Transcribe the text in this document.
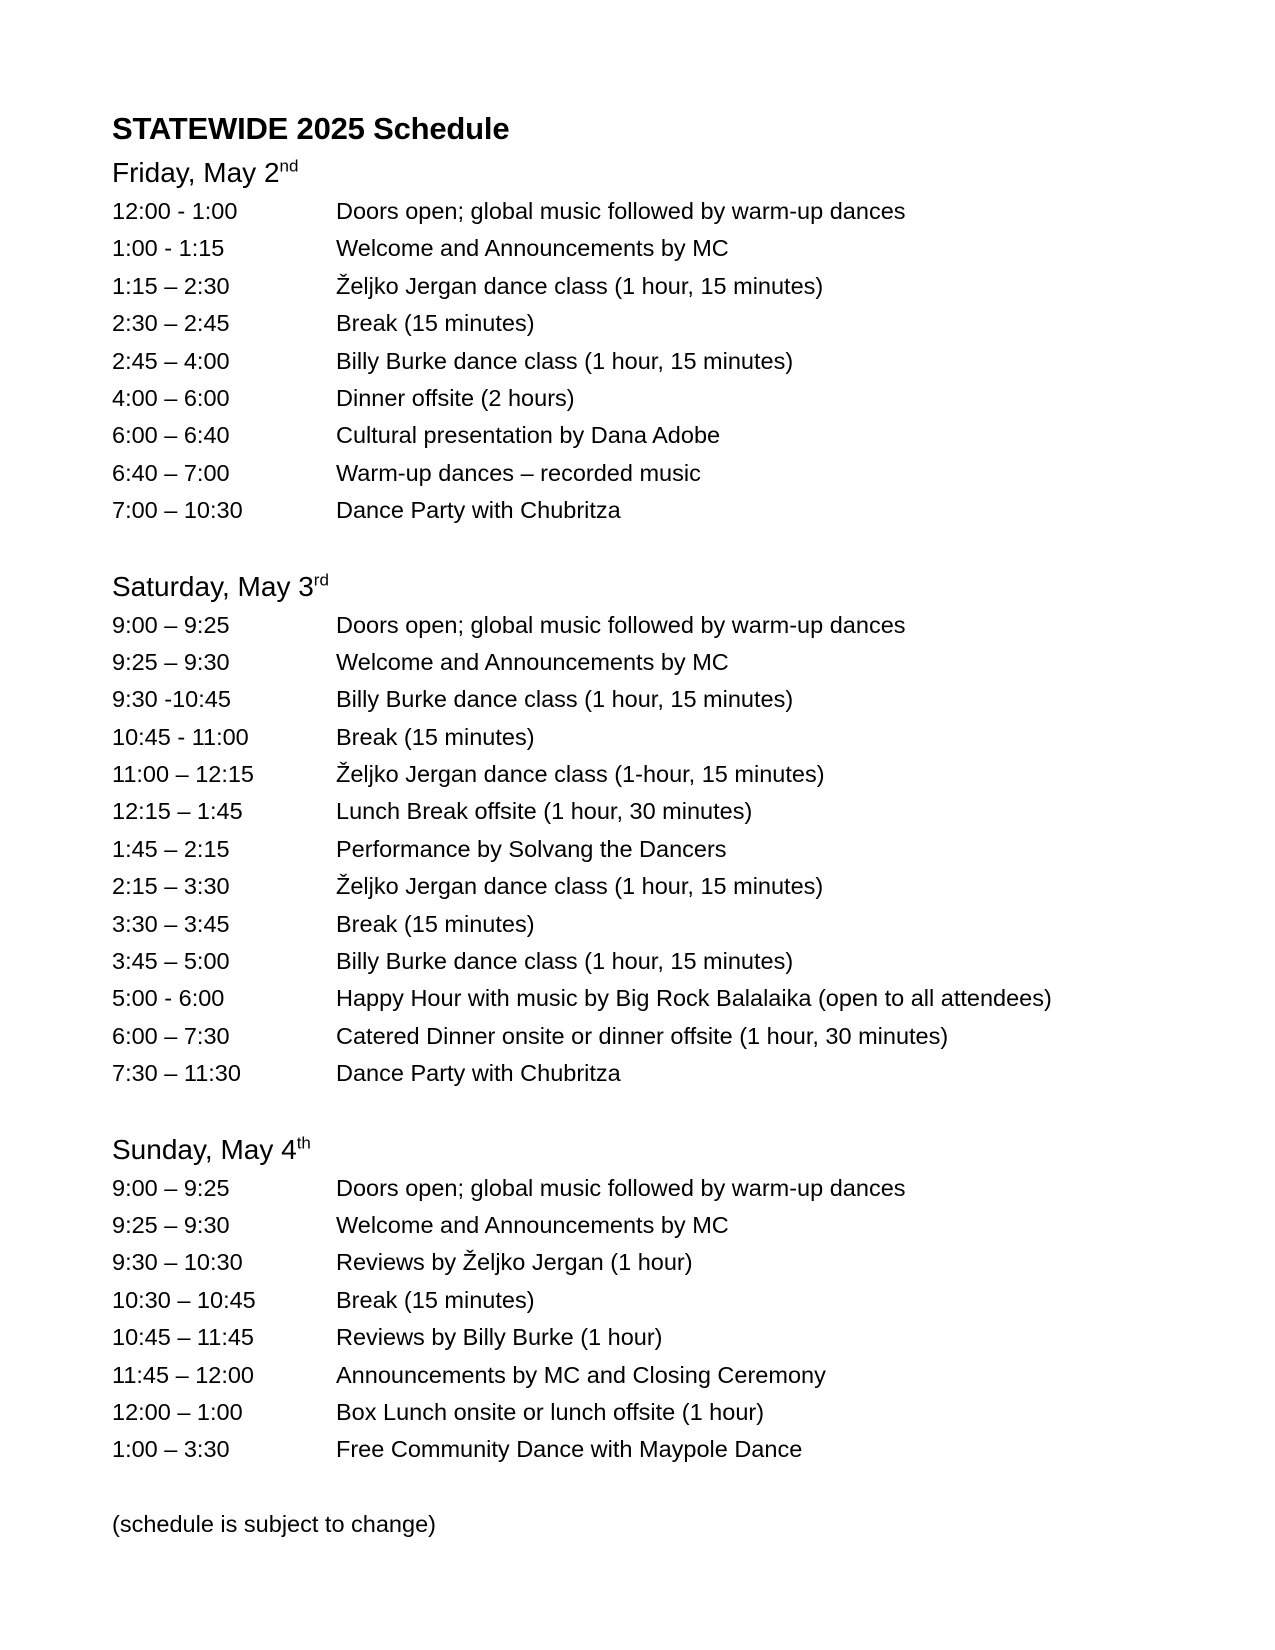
STATEWIDE 2025 Schedule
Friday, May 2nd
12:00 - 1:00	Doors open; global music followed by warm-up dances
1:00 - 1:15	Welcome and Announcements by MC
1:15 – 2:30	Željko Jergan dance class (1 hour, 15 minutes)
2:30 – 2:45	Break (15 minutes)
2:45 – 4:00	Billy Burke dance class (1 hour, 15 minutes)
4:00 – 6:00	Dinner offsite (2 hours)
6:00 – 6:40	Cultural presentation by Dana Adobe
6:40 – 7:00	Warm-up dances – recorded music
7:00 – 10:30	Dance Party with Chubritza
Saturday, May 3rd
9:00 – 9:25	Doors open; global music followed by warm-up dances
9:25 – 9:30	Welcome and Announcements by MC
9:30 -10:45	Billy Burke dance class (1 hour, 15 minutes)
10:45 - 11:00	Break (15 minutes)
11:00 – 12:15	Željko Jergan dance class (1-hour, 15 minutes)
12:15 – 1:45	Lunch Break offsite (1 hour, 30 minutes)
1:45 – 2:15	Performance by Solvang the Dancers
2:15 – 3:30	Željko Jergan dance class (1 hour, 15 minutes)
3:30 – 3:45	Break (15 minutes)
3:45 – 5:00	Billy Burke dance class (1 hour, 15 minutes)
5:00 - 6:00	Happy Hour with music by Big Rock Balalaika (open to all attendees)
6:00 – 7:30	Catered Dinner onsite or dinner offsite (1 hour, 30 minutes)
7:30 – 11:30	Dance Party with Chubritza
Sunday, May 4th
9:00 – 9:25	Doors open; global music followed by warm-up dances
9:25 – 9:30	Welcome and Announcements by MC
9:30 – 10:30	Reviews by Željko Jergan (1 hour)
10:30 – 10:45	Break (15 minutes)
10:45 – 11:45	Reviews by Billy Burke (1 hour)
11:45 – 12:00	Announcements by MC and Closing Ceremony
12:00 – 1:00	Box Lunch onsite or lunch offsite (1 hour)
1:00 – 3:30	Free Community Dance with Maypole Dance
(schedule is subject to change)
